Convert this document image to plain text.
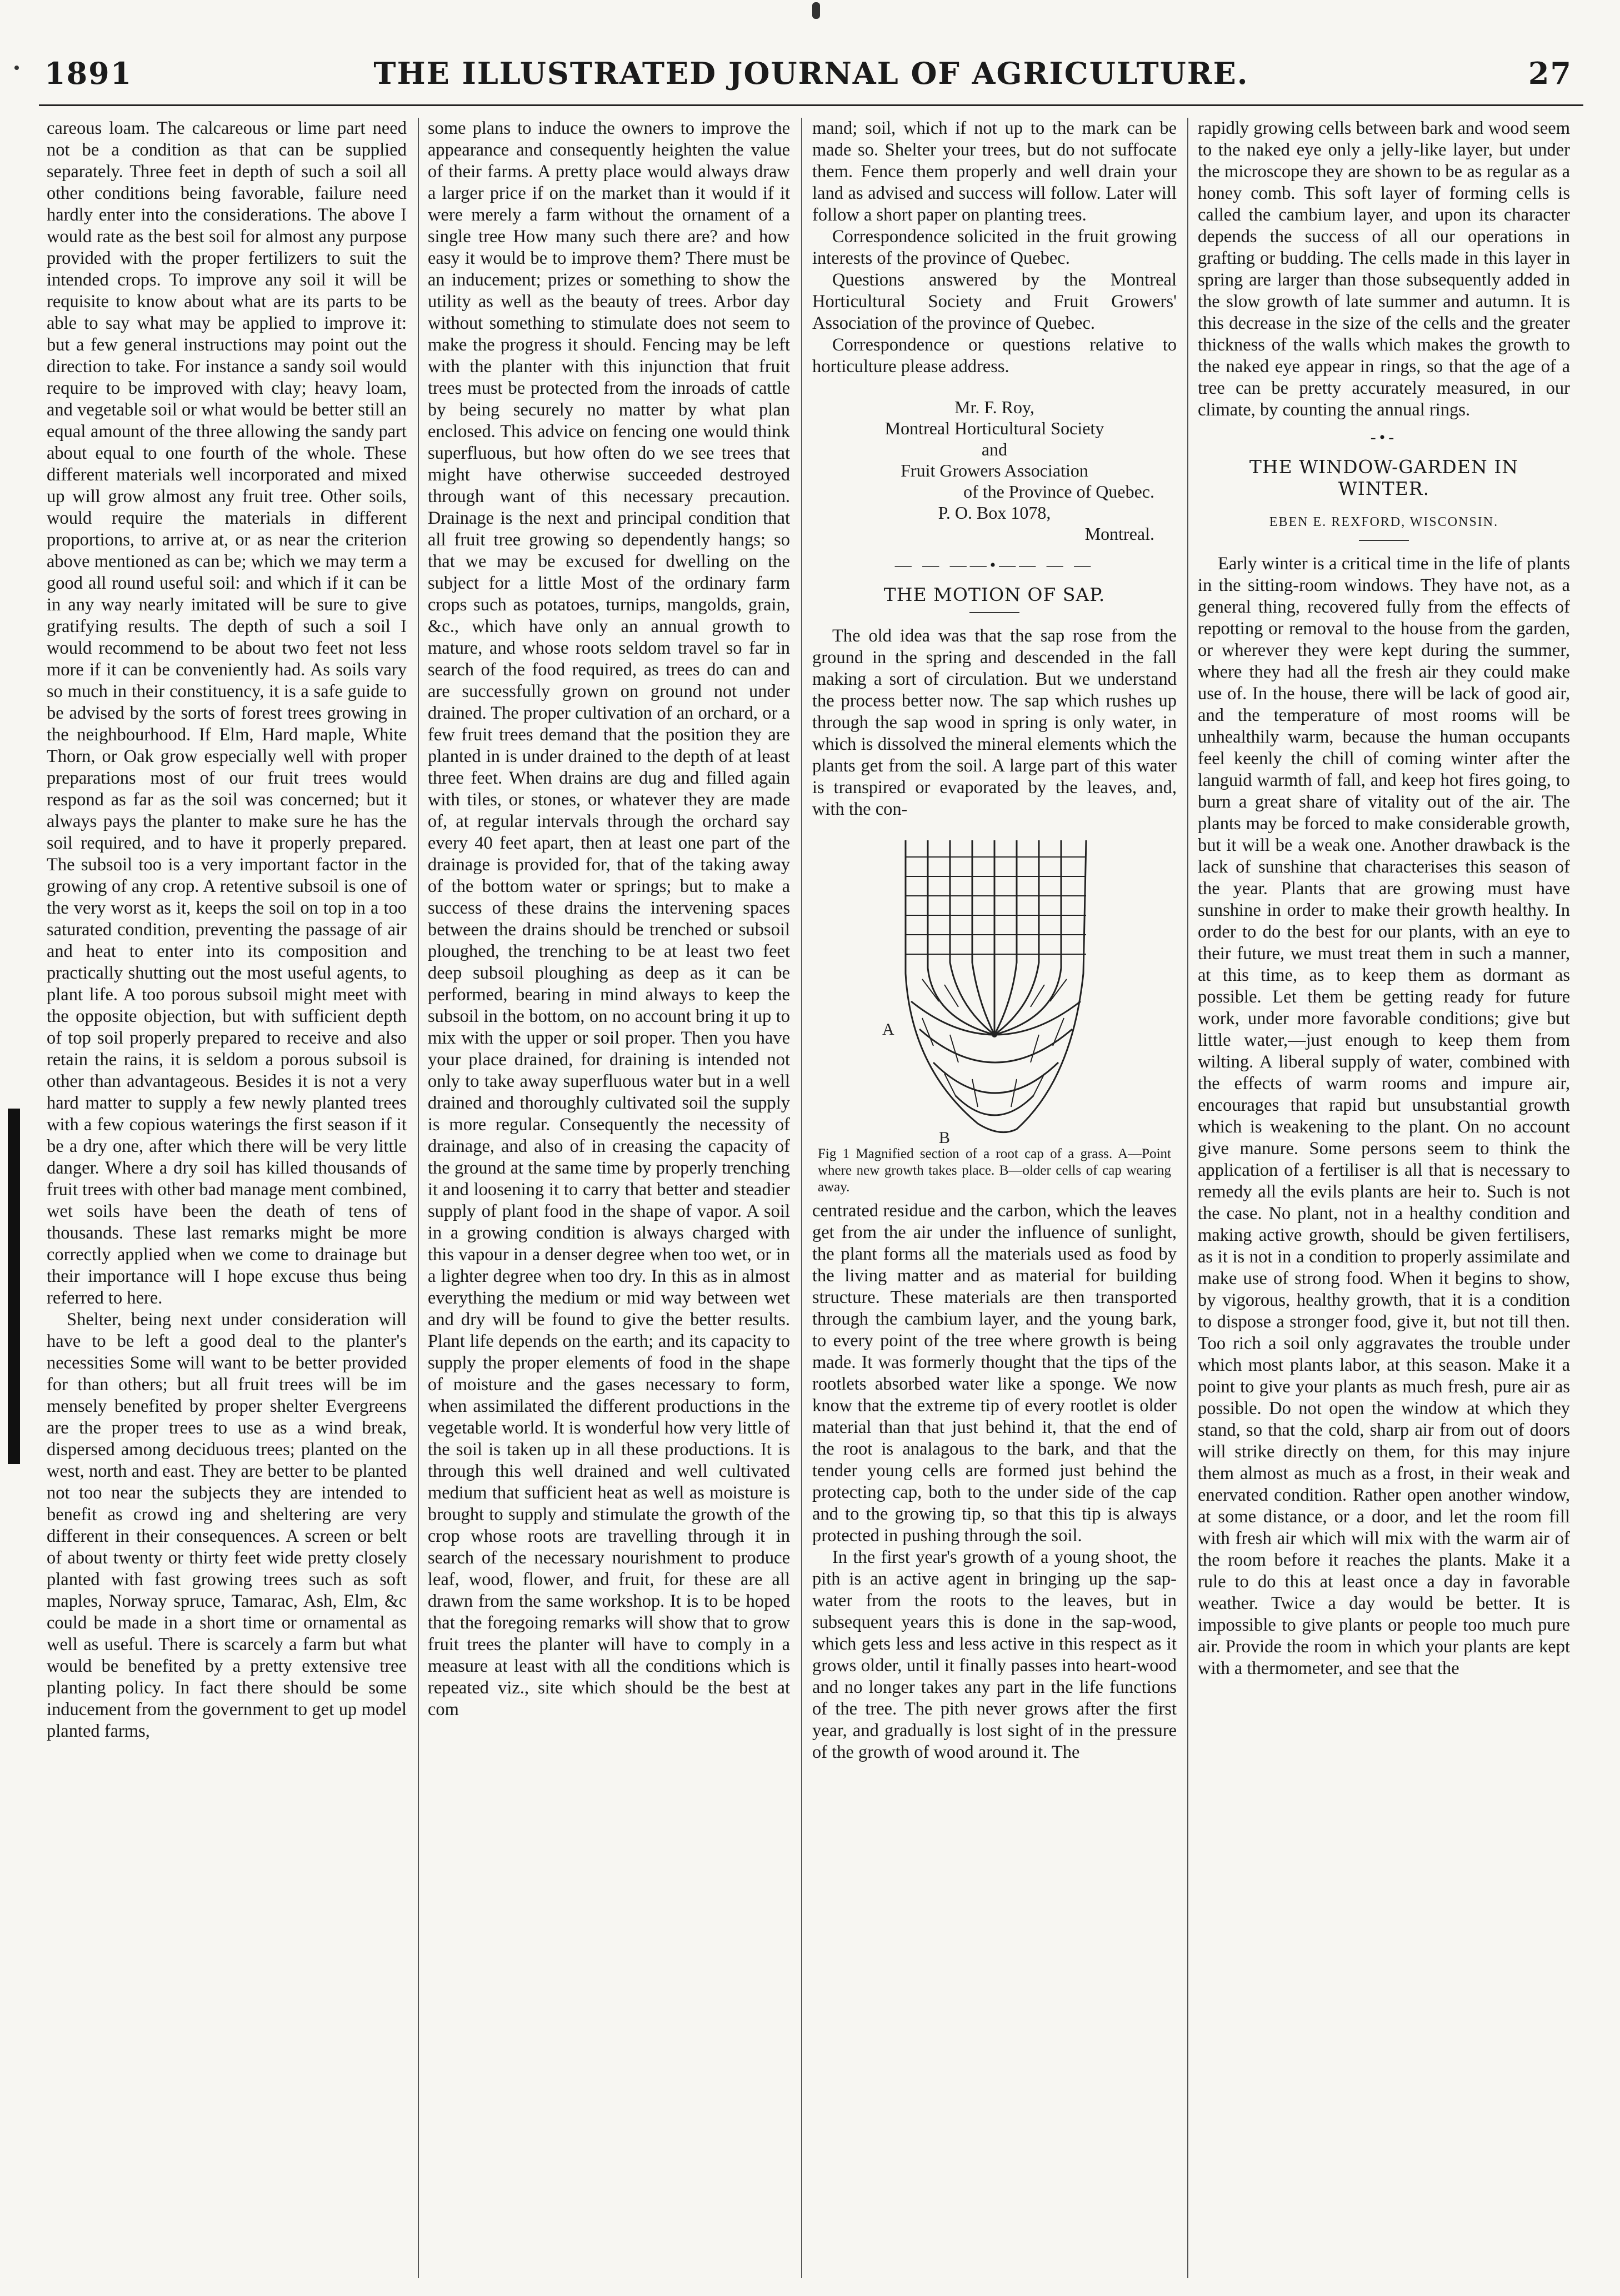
1891	THE ILLUSTRATED JOURNAL OF AGRICULTURE.	27

careous loam. The calcareous or lime part need not be a condition as that can be supplied separately. Three feet in depth of such a soil all other conditions being favorable, failure need hardly enter into the considerations. The above I would rate as the best soil for almost any purpose provided with the proper fertilizers to suit the intended crops. To improve any soil it will be requisite to know about what are its parts to be able to say what may be applied to improve it: but a few general instructions may point out the direction to take. For instance a sandy soil would require to be improved with clay; heavy loam, and vegetable soil or what would be better still an equal amount of the three allowing the sandy part about equal to one fourth of the whole. These different materials well incorporated and mixed up will grow almost any fruit tree. Other soils, would require the materials in different proportions, to arrive at, or as near the criterion above mentioned as can be; which we may term a good all round useful soil: and which if it can be in any way nearly imitated will be sure to give gratifying results. The depth of such a soil I would recommend to be about two feet not less more if it can be conveniently had. As soils vary so much in their constituency, it is a safe guide to be advised by the sorts of forest trees growing in the neighbourhood. If Elm, Hard maple, White Thorn, or Oak grow especially well with proper preparations most of our fruit trees would respond as far as the soil was concerned; but it always pays the planter to make sure he has the soil required, and to have it properly prepared. The subsoil too is a very important factor in the growing of any crop. A retentive subsoil is one of the very worst as it, keeps the soil on top in a too saturated condition, preventing the passage of air and heat to enter into its composition and practically shutting out the most useful agents, to plant life. A too porous subsoil might meet with the opposite objection, but with sufficient depth of top soil properly prepared to receive and also retain the rains, it is seldom a porous subsoil is other than advantageous. Besides it is not a very hard matter to supply a few newly planted trees with a few copious waterings the first season if it be a dry one, after which there will be very little danger. Where a dry soil has killed thousands of fruit trees with other bad manage ment combined, wet soils have been the death of tens of thousands. These last remarks might be more correctly applied when we come to drainage but their importance will I hope excuse thus being referred to here.

Shelter, being next under consideration will have to be left a good deal to the planter's necessities Some will want to be better provided for than others; but all fruit trees will be im mensely benefited by proper shelter Evergreens are the proper trees to use as a wind break, dispersed among deciduous trees; planted on the west, north and east. They are better to be planted not too near the subjects they are intended to benefit as crowd ing and sheltering are very different in their consequences. A screen or belt of about twenty or thirty feet wide pretty closely planted with fast growing trees such as soft maples, Norway spruce, Tamarac, Ash, Elm, &c could be made in a short time or ornamental as well as useful. There is scarcely a farm but what would be benefited by a pretty extensive tree planting policy. In fact there should be some inducement from the government to get up model planted farms,

some plans to induce the owners to improve the appearance and consequently heighten the value of their farms. A pretty place would always draw a larger price if on the market than it would if it were merely a farm without the ornament of a single tree How many such there are? and how easy it would be to improve them? There must be an inducement; prizes or something to show the utility as well as the beauty of trees. Arbor day without something to stimulate does not seem to make the progress it should. Fencing may be left with the planter with this injunction that fruit trees must be protected from the inroads of cattle by being securely no matter by what plan enclosed. This advice on fencing one would think superfluous, but how often do we see trees that might have otherwise succeeded destroyed through want of this necessary precaution. Drainage is the next and principal condition that all fruit tree growing so dependently hangs; so that we may be excused for dwelling on the subject for a little Most of the ordinary farm crops such as potatoes, turnips, mangolds, grain, &c., which have only an annual growth to mature, and whose roots seldom travel so far in search of the food required, as trees do can and are successfully grown on ground not under drained. The proper cultivation of an orchard, or a few fruit trees demand that the position they are planted in is under drained to the depth of at least three feet. When drains are dug and filled again with tiles, or stones, or whatever they are made of, at regular intervals through the orchard say every 40 feet apart, then at least one part of the drainage is provided for, that of the taking away of the bottom water or springs; but to make a success of these drains the intervening spaces between the drains should be trenched or subsoil ploughed, the trenching to be at least two feet deep subsoil ploughing as deep as it can be performed, bearing in mind always to keep the subsoil in the bottom, on no account bring it up to mix with the upper or soil proper. Then you have your place drained, for draining is intended not only to take away superfluous water but in a well drained and thoroughly cultivated soil the supply is more regular. Consequently the necessity of drainage, and also of in creasing the capacity of the ground at the same time by properly trenching it and loosening it to carry that better and steadier supply of plant food in the shape of vapor. A soil in a growing condition is always charged with this vapour in a denser degree when too wet, or in a lighter degree when too dry. In this as in almost everything the medium or mid way between wet and dry will be found to give the better results. Plant life depends on the earth; and its capacity to supply the proper elements of food in the shape of moisture and the gases necessary to form, when assimilated the different productions in the vegetable world. It is wonderful how very little of the soil is taken up in all these productions. It is through this well drained and well cultivated medium that sufficient heat as well as moisture is brought to supply and stimulate the growth of the crop whose roots are travelling through it in search of the necessary nourishment to produce leaf, wood, flower, and fruit, for these are all drawn from the same workshop. It is to be hoped that the foregoing remarks will show that to grow fruit trees the planter will have to comply in a measure at least with all the conditions which is repeated viz., site which should be the best at com

mand; soil, which if not up to the mark can be made so. Shelter your trees, but do not suffocate them. Fence them properly and well drain your land as advised and success will follow. Later will follow a short paper on planting trees.

Correspondence solicited in the fruit growing interests of the province of Quebec.

Questions answered by the Montreal Horticultural Society and Fruit Growers' Association of the province of Quebec.

Correspondence or questions relative to horticulture please address.

Mr. F. Roy,
Montreal Horticultural Society
and
Fruit Growers Association
of the Province of Quebec.
P. O. Box 1078,
Montreal.
— — ——•—— — —
THE MOTION OF SAP.

The old idea was that the sap rose from the ground in the spring and descended in the fall making a sort of circulation. But we understand the process better now. The sap which rushes up through the sap wood in spring is only water, in which is dissolved the mineral elements which the plants get from the soil. A large part of this water is transpired or evaporated by the leaves, and, with the con-

A
B
Fig 1 Magnified section of a root cap of a grass. A—Point where new growth takes place. B—older cells of cap wearing away.

centrated residue and the carbon, which the leaves get from the air under the influence of sunlight, the plant forms all the materials used as food by the living matter and as material for building structure. These materials are then transported through the cambium layer, and the young bark, to every point of the tree where growth is being made. It was formerly thought that the tips of the rootlets absorbed water like a sponge. We now know that the extreme tip of every rootlet is older material than that just behind it, that the end of the root is analagous to the bark, and that the tender young cells are formed just behind the protecting cap, both to the under side of the cap and to the growing tip, so that this tip is always protected in pushing through the soil.

In the first year's growth of a young shoot, the pith is an active agent in bringing up the sap-water from the roots to the leaves, but in subsequent years this is done in the sap-wood, which gets less and less active in this respect as it grows older, until it finally passes into heart-wood and no longer takes any part in the life functions of the tree. The pith never grows after the first year, and gradually is lost sight of in the pressure of the growth of wood around it. The

rapidly growing cells between bark and wood seem to the naked eye only a jelly-like layer, but under the microscope they are shown to be as regular as a honey comb. This soft layer of forming cells is called the cambium layer, and upon its character depends the success of all our operations in grafting or budding. The cells made in this layer in spring are larger than those subsequently added in the slow growth of late summer and autumn. It is this decrease in the size of the cells and the greater thickness of the walls which makes the growth to the naked eye appear in rings, so that the age of a tree can be pretty accurately measured, in our climate, by counting the annual rings.

-•-
THE WINDOW-GARDEN IN
WINTER.
EBEN E. REXFORD, WISCONSIN.

Early winter is a critical time in the life of plants in the sitting-room windows. They have not, as a general thing, recovered fully from the effects of repotting or removal to the house from the garden, or wherever they were kept during the summer, where they had all the fresh air they could make use of. In the house, there will be lack of good air, and the temperature of most rooms will be unhealthily warm, because the human occupants feel keenly the chill of coming winter after the languid warmth of fall, and keep hot fires going, to burn a great share of vitality out of the air. The plants may be forced to make considerable growth, but it will be a weak one. Another drawback is the lack of sunshine that characterises this season of the year. Plants that are growing must have sunshine in order to make their growth healthy. In order to do the best for our plants, with an eye to their future, we must treat them in such a manner, at this time, as to keep them as dormant as possible. Let them be getting ready for future work, under more favorable conditions; give but little water,—just enough to keep them from wilting. A liberal supply of water, combined with the effects of warm rooms and impure air, encourages that rapid but unsubstantial growth which is weakening to the plant. On no account give manure. Some persons seem to think the application of a fertiliser is all that is necessary to remedy all the evils plants are heir to. Such is not the case. No plant, not in a healthy condition and making active growth, should be given fertilisers, as it is not in a condition to properly assimilate and make use of strong food. When it begins to show, by vigorous, healthy growth, that it is a condition to dispose a stronger food, give it, but not till then. Too rich a soil only aggravates the trouble under which most plants labor, at this season. Make it a point to give your plants as much fresh, pure air as possible. Do not open the window at which they stand, so that the cold, sharp air from out of doors will strike directly on them, for this may injure them almost as much as a frost, in their weak and enervated condition. Rather open another window, at some distance, or a door, and let the room fill with fresh air which will mix with the warm air of the room before it reaches the plants. Make it a rule to do this at least once a day in favorable weather. Twice a day would be better. It is impossible to give plants or people too much pure air. Provide the room in which your plants are kept with a thermometer, and see that the
